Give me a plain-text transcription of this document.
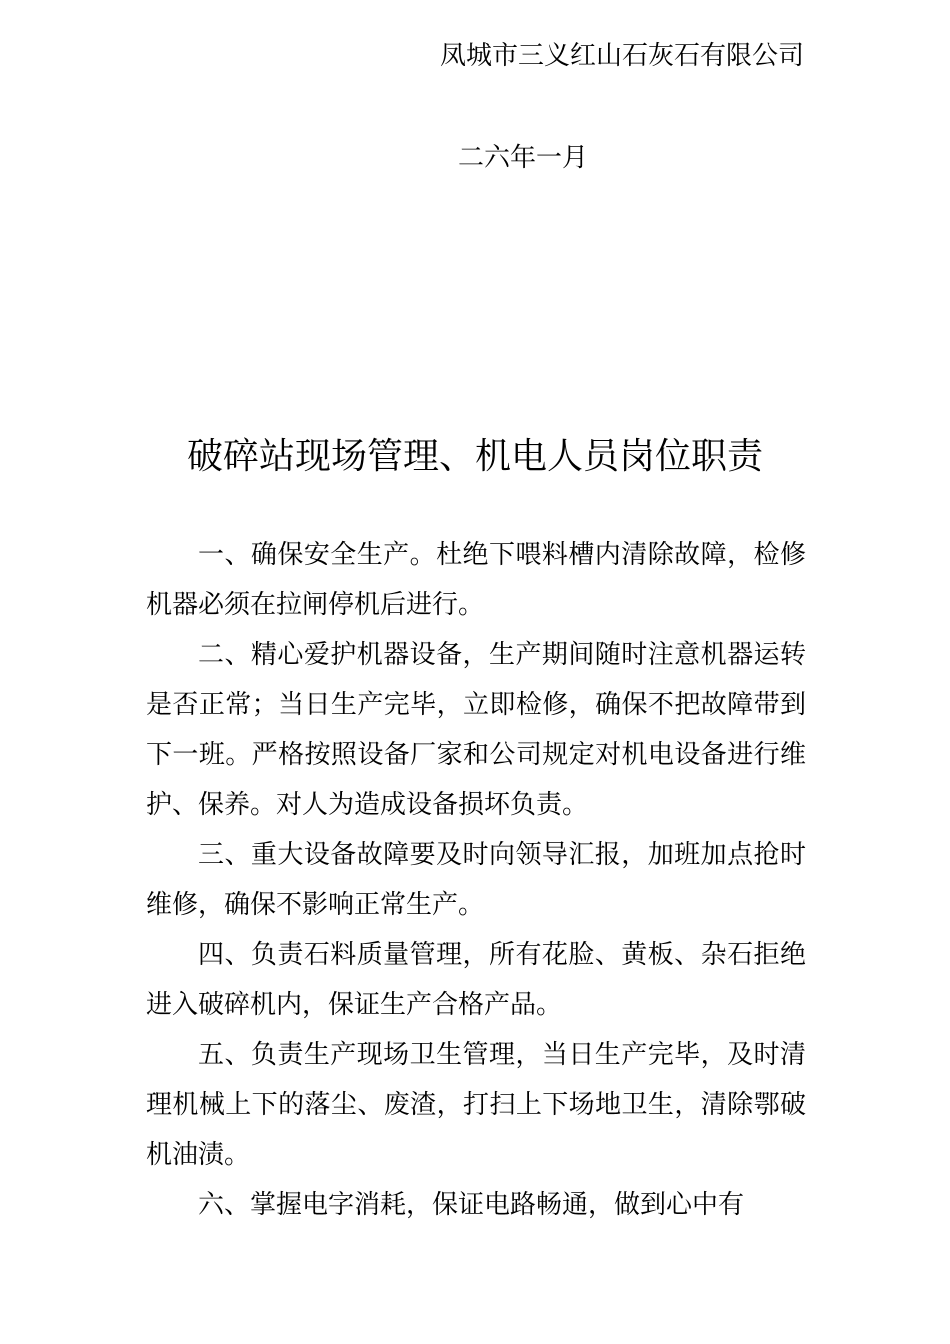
凤城市三义红山石灰石有限公司
二六年一月
破碎站现场管理、机电人员岗位职责

一、确保安全生产。杜绝下喂料槽内清除故障，检修机器必须在拉闸停机后进行。

二、精心爱护机器设备，生产期间随时注意机器运转是否正常；当日生产完毕，立即检修，确保不把故障带到下一班。严格按照设备厂家和公司规定对机电设备进行维护、保养。对人为造成设备损坏负责。

三、重大设备故障要及时向领导汇报，加班加点抢时维修，确保不影响正常生产。

四、负责石料质量管理，所有花脸、黄板、杂石拒绝进入破碎机内，保证生产合格产品。

五、负责生产现场卫生管理，当日生产完毕，及时清理机械上下的落尘、废渣，打扫上下场地卫生，清除鄂破机油渍。

六、掌握电字消耗，保证电路畅通，做到心中有
